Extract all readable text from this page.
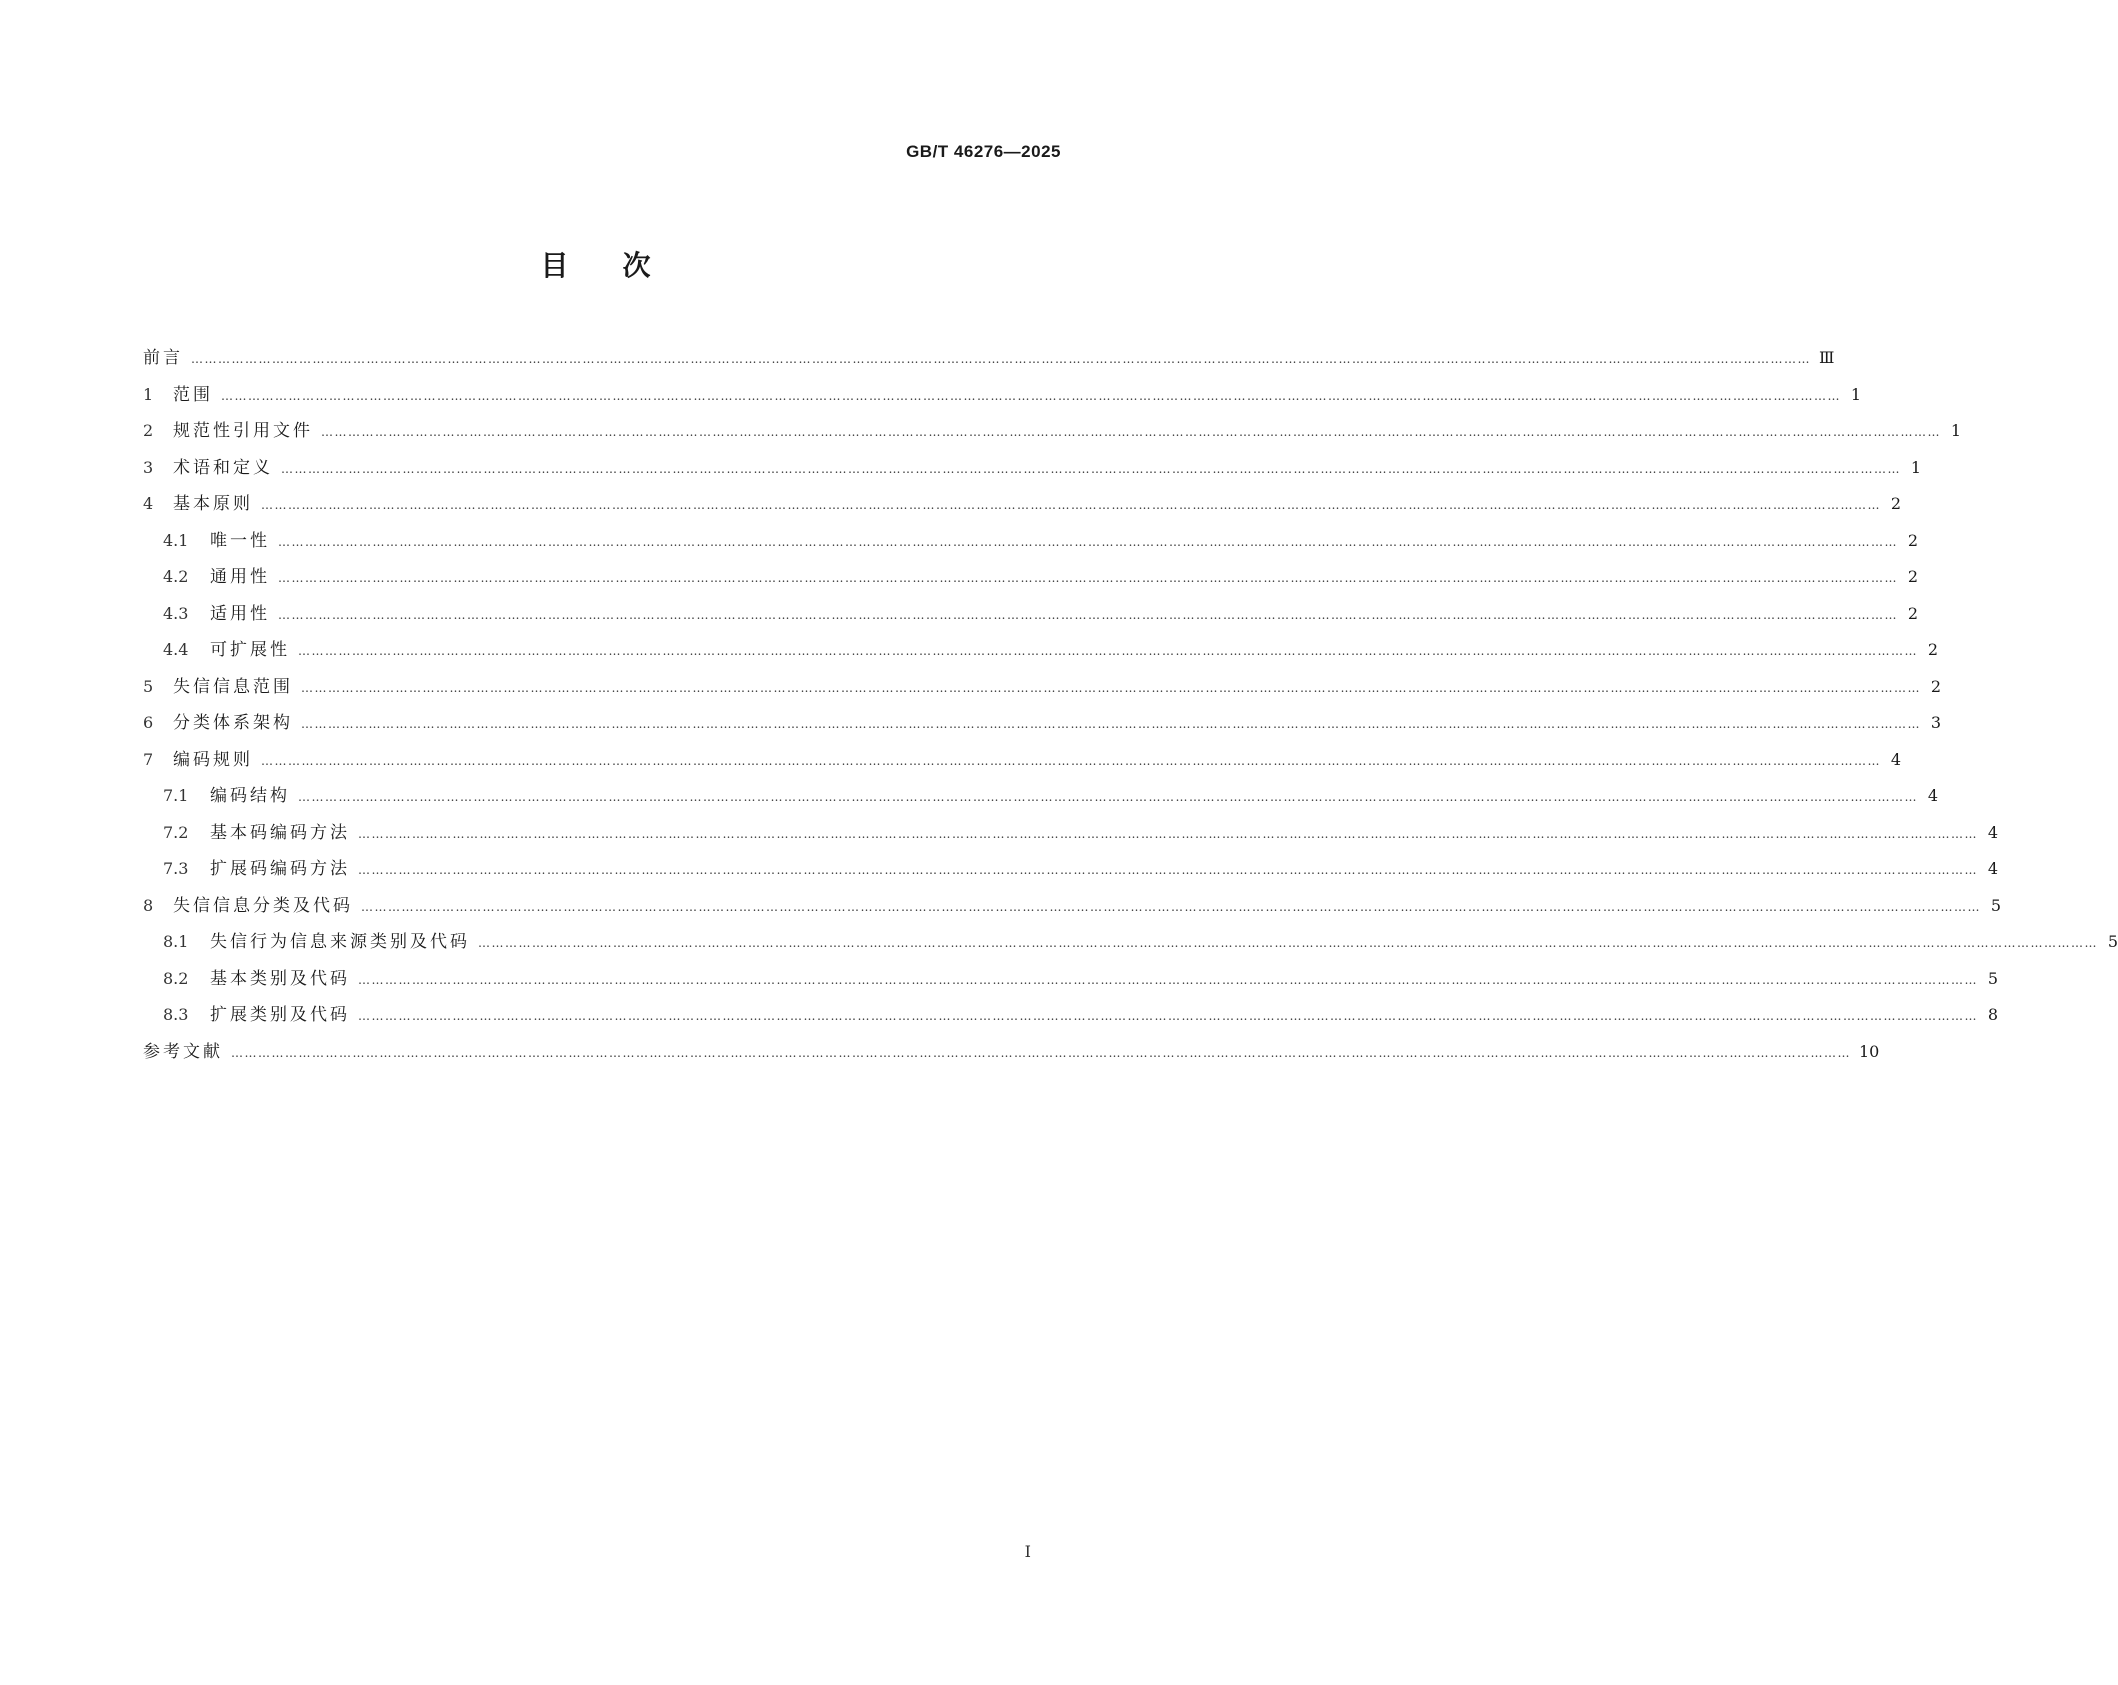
GB/T 46276—2025
目 次
前言 ……………………………………………………………………………………………………………………………………………………………………………………………………………………………………………………………………………………………………………………………… Ⅲ
1	范围 ……………………………………………………………………………………………………………………………………………………………………………………………………………………………………………………………………………………………………………………………… 1
2	规范性引用文件 ……………………………………………………………………………………………………………………………………………………………………………………………………………………………………………………………………………………………………………………………… 1
3	术语和定义 ……………………………………………………………………………………………………………………………………………………………………………………………………………………………………………………………………………………………………………………………… 1
4	基本原则 ……………………………………………………………………………………………………………………………………………………………………………………………………………………………………………………………………………………………………………………………… 2
4.1	唯一性 ……………………………………………………………………………………………………………………………………………………………………………………………………………………………………………………………………………………………………………………………… 2
4.2	通用性 ……………………………………………………………………………………………………………………………………………………………………………………………………………………………………………………………………………………………………………………………… 2
4.3	适用性 ……………………………………………………………………………………………………………………………………………………………………………………………………………………………………………………………………………………………………………………………… 2
4.4	可扩展性 ……………………………………………………………………………………………………………………………………………………………………………………………………………………………………………………………………………………………………………………………… 2
5	失信信息范围 ……………………………………………………………………………………………………………………………………………………………………………………………………………………………………………………………………………………………………………………………… 2
6	分类体系架构 ……………………………………………………………………………………………………………………………………………………………………………………………………………………………………………………………………………………………………………………………… 3
7	编码规则 ……………………………………………………………………………………………………………………………………………………………………………………………………………………………………………………………………………………………………………………………… 4
7.1	编码结构 ……………………………………………………………………………………………………………………………………………………………………………………………………………………………………………………………………………………………………………………………… 4
7.2	基本码编码方法 ……………………………………………………………………………………………………………………………………………………………………………………………………………………………………………………………………………………………………………………………… 4
7.3	扩展码编码方法 ……………………………………………………………………………………………………………………………………………………………………………………………………………………………………………………………………………………………………………………………… 4
8	失信信息分类及代码 ……………………………………………………………………………………………………………………………………………………………………………………………………………………………………………………………………………………………………………………………… 5
8.1	失信行为信息来源类别及代码 ……………………………………………………………………………………………………………………………………………………………………………………………………………………………………………………………………………………………………………………………… 5
8.2	基本类别及代码 ……………………………………………………………………………………………………………………………………………………………………………………………………………………………………………………………………………………………………………………………… 5
8.3	扩展类别及代码 ……………………………………………………………………………………………………………………………………………………………………………………………………………………………………………………………………………………………………………………………… 8
参考文献 ……………………………………………………………………………………………………………………………………………………………………………………………………………………………………………………………………………………………………………………………… 10
Ⅰ
